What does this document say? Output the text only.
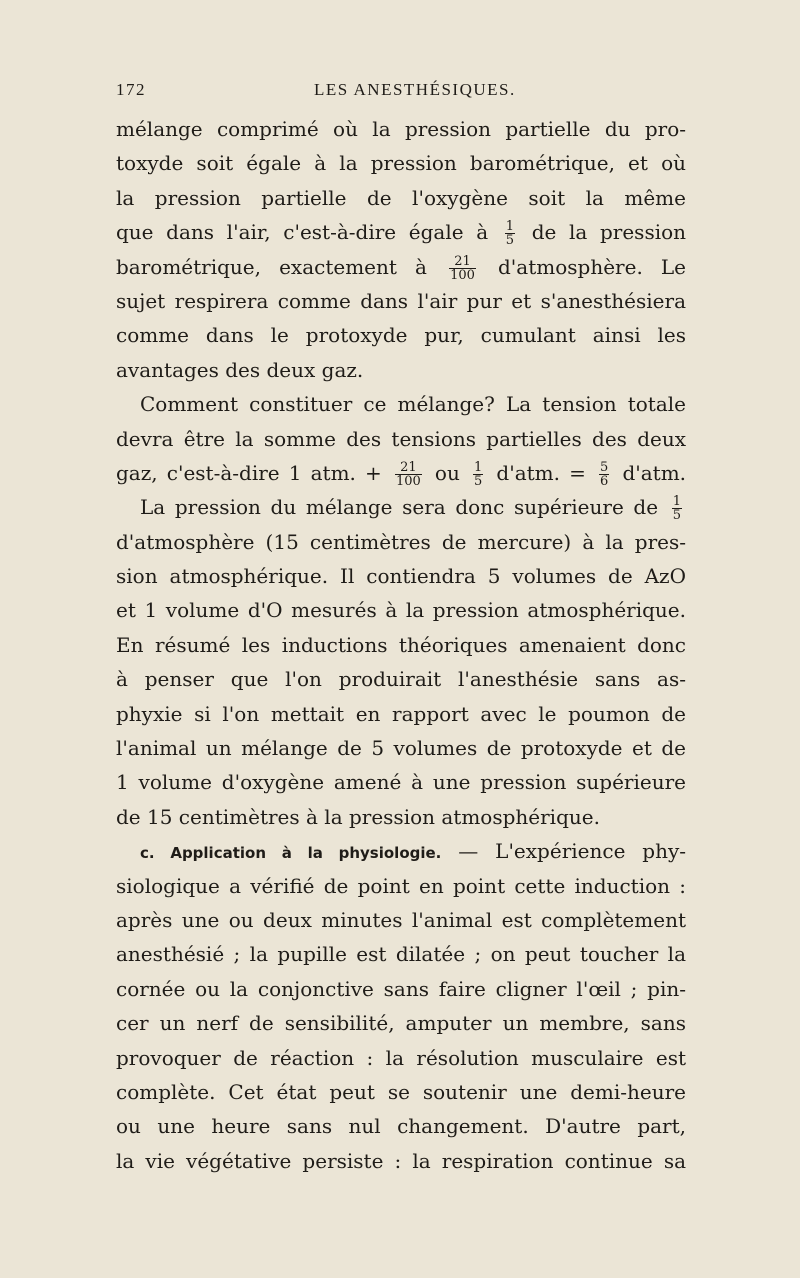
172	LES ANESTHÉSIQUES.
mélange comprimé où la pression partielle du pro-
toxyde soit égale à la pression barométrique, et où
la pression partielle de l'oxygène soit la même
que dans l'air, c'est-à-dire égale à $\frac{1}{5}$ de la pression
barométrique, exactement à $\frac{21}{100}$ d'atmosphère. Le
sujet respirera comme dans l'air pur et s'anesthésiera
comme dans le protoxyde pur, cumulant ainsi les
avantages des deux gaz.
Comment constituer ce mélange? La tension totale
devra être la somme des tensions partielles des deux
gaz, c'est-à-dire 1 atm. + $\frac{21}{100}$ ou $\frac{1}{5} d'atm$. = $\frac{5}{6} d'atm$.
La pression du mélange sera donc supérieure de $\frac{1}{5}$
d'atmosphère (15 centimètres de mercure) à la pres-
sion atmosphérique. Il contiendra 5 volumes de AzO
et 1 volume d'O mesurés à la pression atmosphérique.
En résumé les inductions théoriques amenaient donc
à penser que l'on produirait l'anesthésie sans as-
phyxie si l'on mettait en rapport avec le poumon de
l'animal un mélange de 5 volumes de protoxyde et de
1 volume d'oxygène amené à une pression supérieure
de 15 centimètres à la pression atmosphérique.
c. Application à la physiologie. — L'expérience phy-
siologique a vérifié de point en point cette induction :
après une ou deux minutes l'animal est complètement
anesthésié ; la pupille est dilatée ; on peut toucher la
cornée ou la conjonctive sans faire cligner l'œil ; pin-
cer un nerf de sensibilité, amputer un membre, sans
provoquer de réaction : la résolution musculaire est
complète. Cet état peut se soutenir une demi-heure
ou une heure sans nul changement. D'autre part,
la vie végétative persiste : la respiration continue sa
